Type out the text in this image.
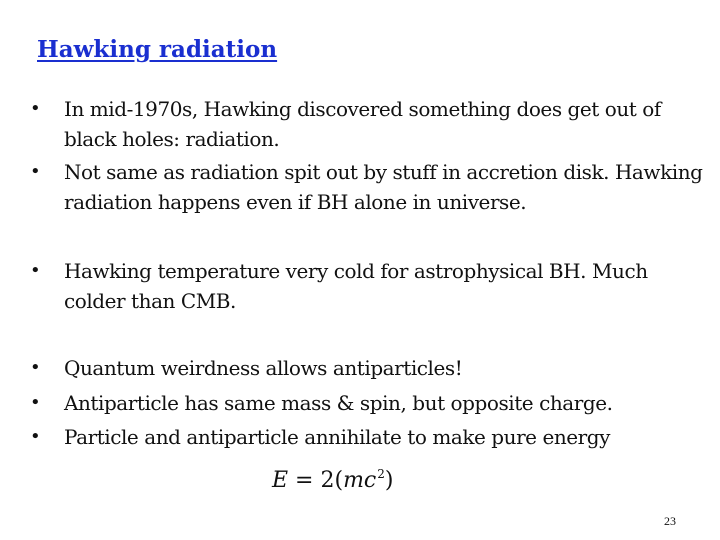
Hawking radiation
• In mid-1970s, Hawking discovered something does get out of black holes: radiation.
• Not same as radiation spit out by stuff in accretion disk. Hawking radiation happens even if BH alone in universe.
• Hawking temperature very cold for astrophysical BH. Much colder than CMB.
• Quantum weirdness allows antiparticles!
• Antiparticle has same mass & spin, but opposite charge.
• Particle and antiparticle annihilate to make pure energy
$E = 2(mc^2)$
23
